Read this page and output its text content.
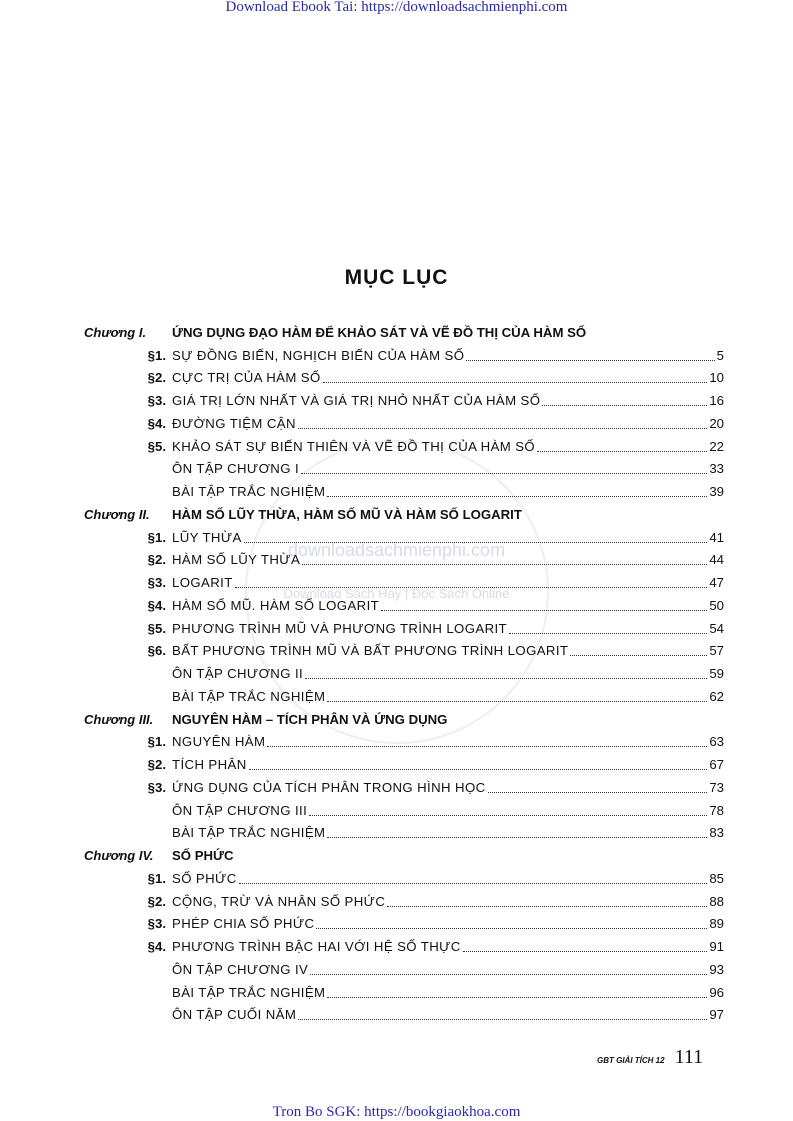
Download Ebook Tai: https://downloadsachmienphi.com
downloadsachmienphi.com
Download Sách Hay | Đọc Sách Online
MỤC LỤC
Chương I.	ỨNG DỤNG ĐẠO HÀM ĐỂ KHẢO SÁT VÀ VẼ ĐỒ THỊ CỦA HÀM SỐ
§1. SỰ ĐỒNG BIẾN, NGHỊCH BIẾN CỦA HÀM SỐ	5
§2. CỰC TRỊ CỦA HÀM SỐ	10
§3. GIÁ TRỊ LỚN NHẤT VÀ GIÁ TRỊ NHỎ NHẤT CỦA HÀM SỐ	16
§4. ĐƯỜNG TIỆM CẬN	20
§5. KHẢO SÁT SỰ BIẾN THIÊN VÀ VẼ ĐỒ THỊ CỦA HÀM SỐ	22
ÔN TẬP CHƯƠNG I	33
BÀI TẬP TRẮC NGHIỆM	39
Chương II.	HÀM SỐ LŨY THỪA, HÀM SỐ MŨ VÀ HÀM SỐ LOGARIT
§1. LŨY THỪA	41
§2. HÀM SỐ LŨY THỪA	44
§3. LOGARIT	47
§4. HÀM SỐ MŨ. HÀM SỐ LOGARIT	50
§5. PHƯƠNG TRÌNH MŨ VÀ PHƯƠNG TRÌNH LOGARIT	54
§6. BẤT PHƯƠNG TRÌNH MŨ VÀ BẤT PHƯƠNG TRÌNH LOGARIT	57
ÔN TẬP CHƯƠNG II	59
BÀI TẬP TRẮC NGHIỆM	62
Chương III.	NGUYÊN HÀM – TÍCH PHÂN VÀ ỨNG DỤNG
§1. NGUYÊN HÀM	63
§2. TÍCH PHÂN	67
§3. ỨNG DỤNG CỦA TÍCH PHÂN TRONG HÌNH HỌC	73
ÔN TẬP CHƯƠNG III	78
BÀI TẬP TRẮC NGHIỆM	83
Chương IV.	SỐ PHỨC
§1. SỐ PHỨC	85
§2. CỘNG, TRỪ VÀ NHÂN SỐ PHỨC	88
§3. PHÉP CHIA SỐ PHỨC	89
§4. PHƯƠNG TRÌNH BẬC HAI VỚI HỆ SỐ THỰC	91
ÔN TẬP CHƯƠNG IV	93
BÀI TẬP TRẮC NGHIỆM	96
ÔN TẬP CUỐI NĂM	97
GBT GIẢI TÍCH 12 111
Tron Bo SGK: https://bookgiaokhoa.com
